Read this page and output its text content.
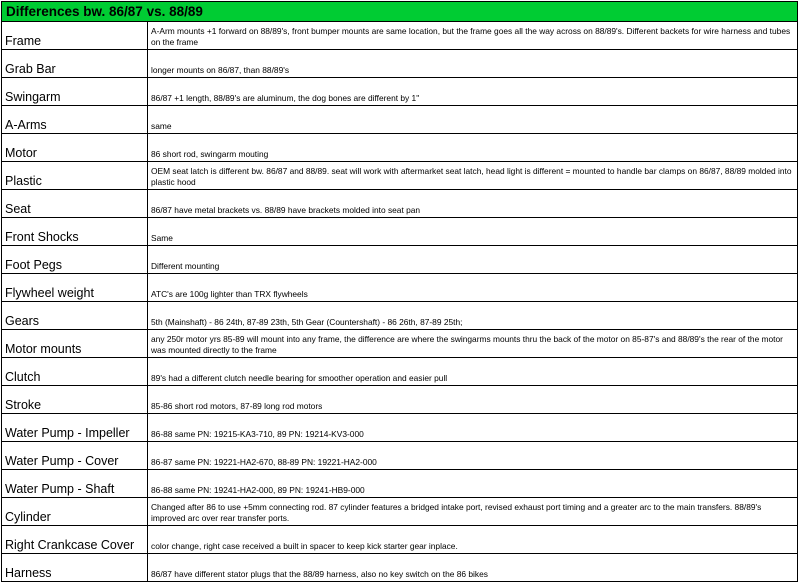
Differences bw. 86/87 vs. 88/89	
Frame	A-Arm mounts +1 forward on 88/89's, front bumper mounts are same location, but the frame goes all the way across on 88/89's. Different backets for wire harness and tubes on the frame
Grab Bar	longer mounts on 86/87, than 88/89's
Swingarm	86/87 +1 length, 88/89's are aluminum, the dog bones are different by 1"
A-Arms	same
Motor	86 short rod, swingarm mouting
Plastic	OEM seat latch is different bw. 86/87 and 88/89. seat will work with aftermarket seat latch, head light is different = mounted to handle bar clamps on 86/87, 88/89 molded into plastic hood
Seat	86/87 have metal brackets vs. 88/89 have brackets molded into seat pan
Front Shocks	Same
Foot Pegs	Different mounting
Flywheel weight	ATC's are 100g lighter than TRX flywheels
Gears	5th (Mainshaft) - 86 24th, 87-89 23th, 5th Gear (Countershaft) - 86 26th, 87-89 25th;
Motor mounts	any 250r motor yrs 85-89 will mount into any frame, the difference are where the swingarms mounts thru the back of the motor on 85-87's and 88/89's the rear of the motor was mounted directly to the frame
Clutch	89's had a different clutch needle bearing for smoother operation and easier pull
Stroke	85-86 short rod motors, 87-89 long rod motors
Water Pump - Impeller	86-88 same PN: 19215-KA3-710, 89 PN: 19214-KV3-000
Water Pump - Cover	86-87 same PN: 19221-HA2-670, 88-89 PN: 19221-HA2-000
Water Pump - Shaft	86-88 same PN: 19241-HA2-000, 89 PN: 19241-HB9-000
Cylinder	Changed after 86 to use +5mm connecting rod. 87 cylinder features a bridged intake port, revised exhaust port timing and a greater arc to the main transfers. 88/89's improved arc over rear transfer ports.
Right Crankcase Cover	color change, right case received a built in spacer to keep kick starter gear inplace.
Harness	86/87 have different stator plugs that the 88/89 harness, also no key switch on the 86 bikes
